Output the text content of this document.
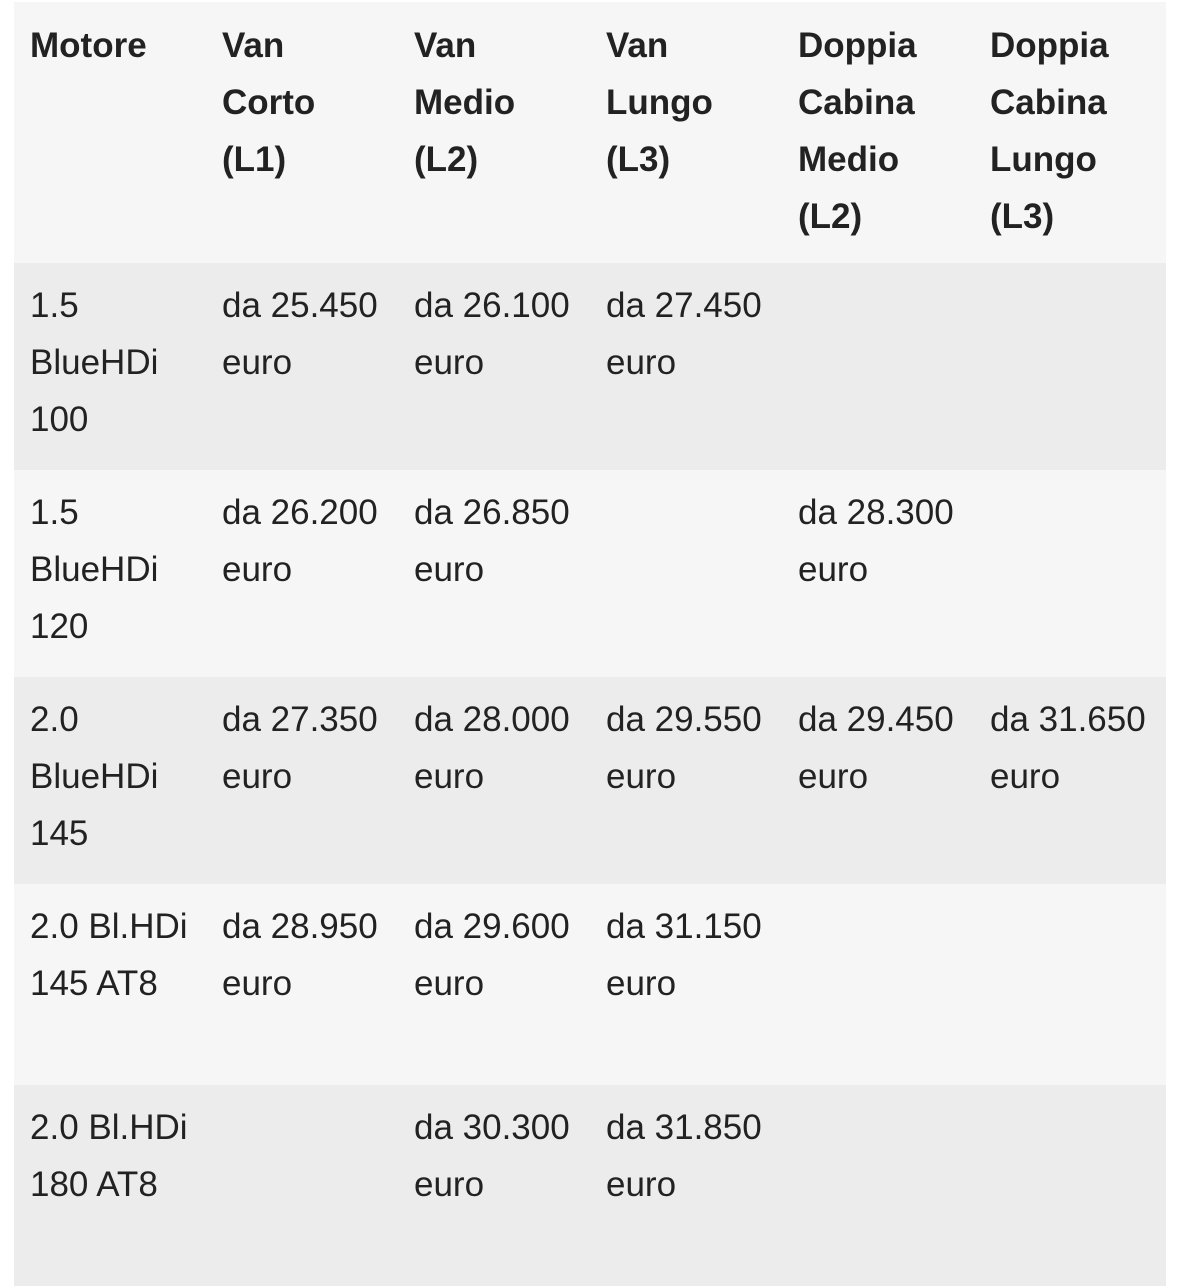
Motore	Van Corto (L1)	Van Medio (L2)	Van Lungo (L3)	Doppia Cabina Medio (L2)	Doppia Cabina Lungo (L3)

1.5 BlueHDi 100	da 25.450 euro	da 26.100 euro	da 27.450 euro		

1.5 BlueHDi 120	da 26.200 euro	da 26.850 euro		da 28.300 euro	

2.0 BlueHDi 145	da 27.350 euro	da 28.000 euro	da 29.550 euro	da 29.450 euro	da 31.650 euro

2.0 Bl.HDi 145 AT8	da 28.950 euro	da 29.600 euro	da 31.150 euro		

2.0 Bl.HDi 180 AT8		da 30.300 euro	da 31.850 euro		
